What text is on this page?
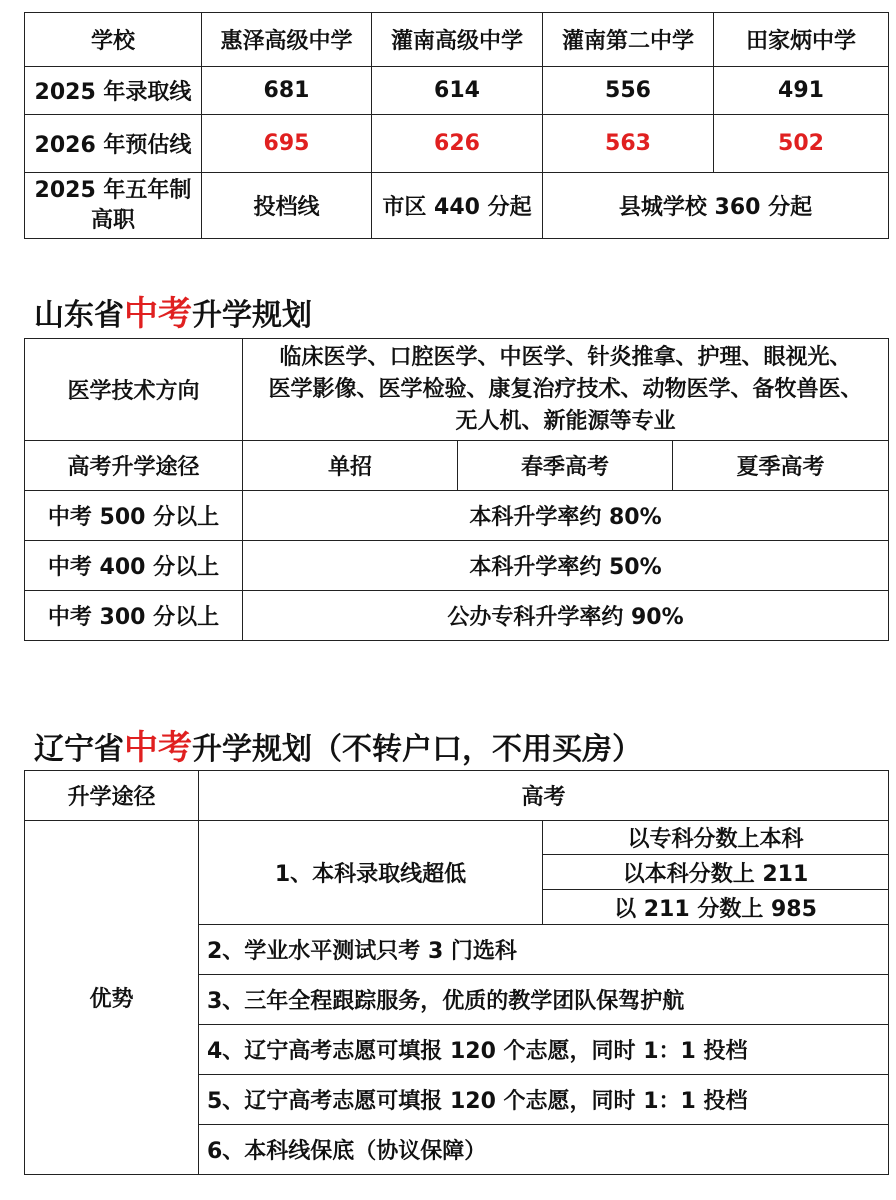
学校	惠泽高级中学	灌南高级中学	灌南第二中学	田家炳中学
2025 年录取线	681	614	556	491
2026 年预估线	695	626	563	502

2025 年五年制
高职	投档线	市区 440 分起	县城学校 360 分起	
山东省中考升学规划
医学技术方向	临床医学、口腔医学、中医学、针炎推拿、护理、眼视光、
医学影像、医学检验、康复治疗技术、动物医学、备牧兽医、
无人机、新能源等专业		

高考升学途径	单招	春季高考	夏季高考
中考 500 分以上	本科升学率约 80%		
中考 400 分以上	本科升学率约 50%		
中考 300 分以上	公办专科升学率约 90%		
辽宁省中考升学规划（不转户口，不用买房）
升学途径	高考	
优势	1、本科录取线超低	以专科分数上本科
		以本科分数上 211
		以 211 分数上 985
	2、学业水平测试只考 3 门选科	
	3、三年全程跟踪服务，优质的教学团队保驾护航	
	4、辽宁高考志愿可填报 120 个志愿，同时 1：1 投档	
	5、辽宁高考志愿可填报 120 个志愿，同时 1：1 投档	
	6、本科线保底（协议保障）	
